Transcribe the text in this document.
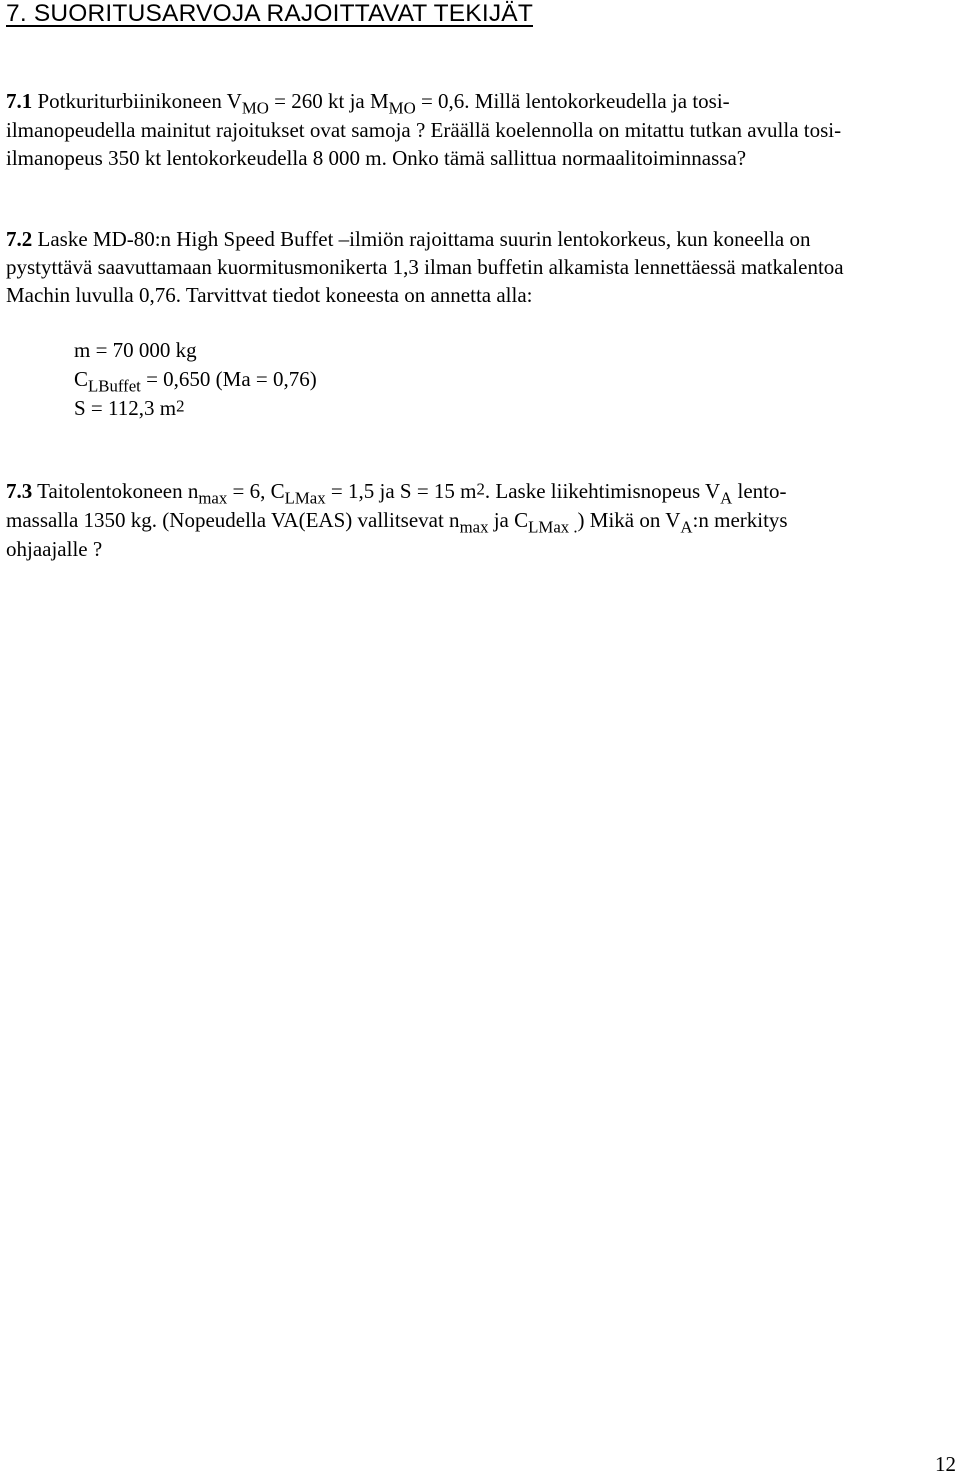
7. SUORITUSARVOJA RAJOITTAVAT TEKIJÄT

7.1 Potkuriturbiinikoneen $V_{MO} = 260$ kt ja $M_{MO} = 0,6$. Millä lentokorkeudella ja tosi-

ilmanopeudella mainitut rajoitukset ovat samoja ? Eräällä koelennolla on mitattu tutkan avulla tosi-

ilmanopeus 350 kt lentokorkeudella 8 000 m. Onko tämä sallittua normaalitoiminnassa?

7.2 Laske MD-80:n High Speed Buffet –ilmiön rajoittama suurin lentokorkeus, kun koneella on

pystyttävä saavuttamaan kuormitusmonikerta 1,3 ilman buffetin alkamista lennettäessä matkalentoa

Machin luvulla 0,76. Tarvittvat tiedot koneesta on annetta alla:

m = 70 000 kg

$C_{LBuffet} = 0,650$ (Ma = 0,76)

S = 112,3 $m^2$

7.3 Taitolentokoneen $n_{max} = 6$, $C_{LMax} = 1,5$ ja S = 15 $m^2$. Laske liikehtimisnopeus $V_A$ lento-

massalla 1350 kg. (Nopeudella VA(EAS) vallitsevat $n_{max}$ ja $C_{LMax .}$) Mikä on $V_A:n$ merkitys

ohjaajalle ?

12
